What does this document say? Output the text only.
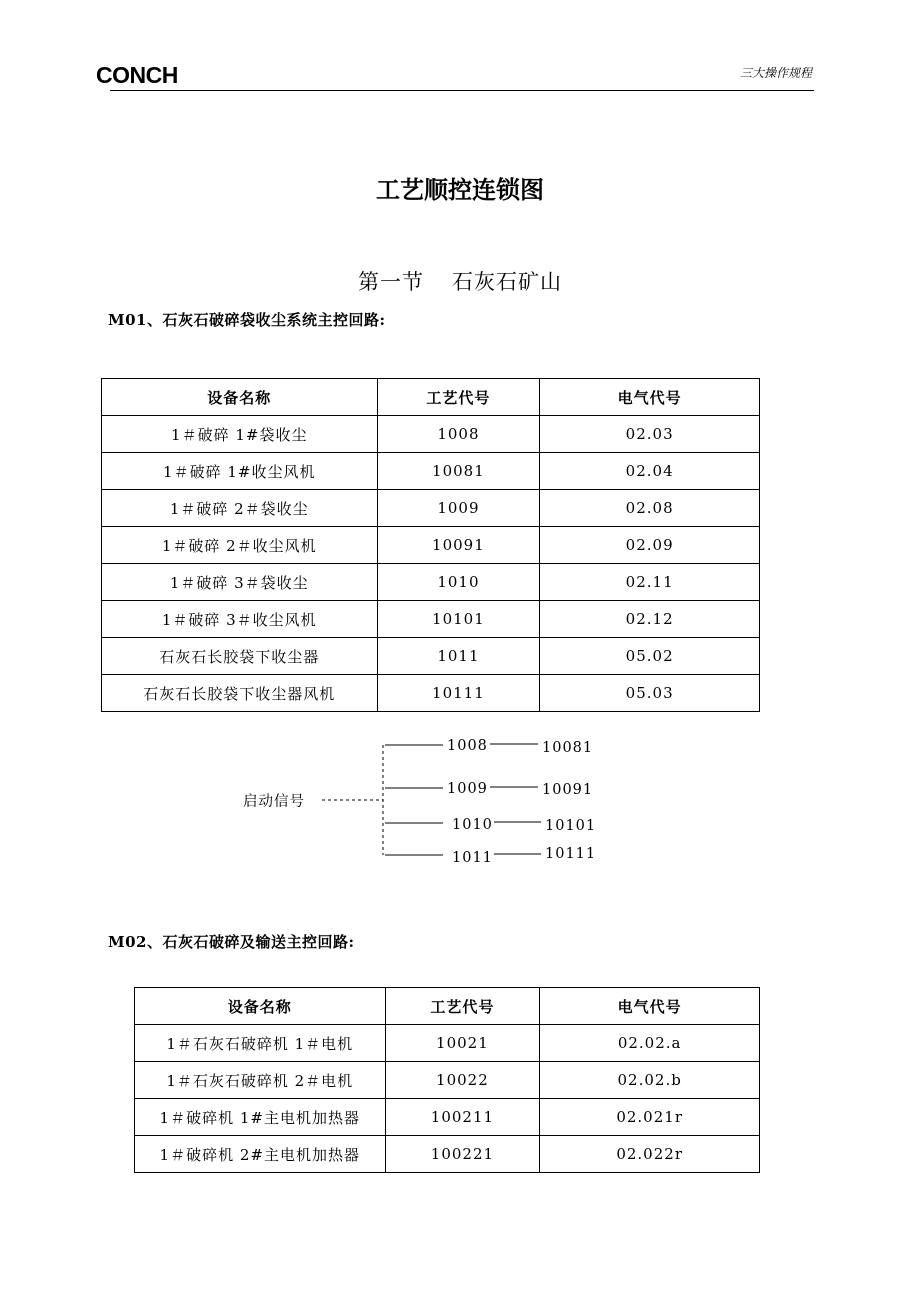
CONCH	三大操作规程
工艺顺控连锁图
第一节 石灰石矿山
M01、石灰石破碎袋收尘系统主控回路:
设备名称	工艺代号	电气代号
1＃破碎 1#袋收尘	1008	02.03
1＃破碎 1#收尘风机	10081	02.04
1＃破碎 2＃袋收尘	1009	02.08
1＃破碎 2＃收尘风机	10091	02.09
1＃破碎 3＃袋收尘	1010	02.11
1＃破碎 3＃收尘风机	10101	02.12
石灰石长胶袋下收尘器	1011	05.02
石灰石长胶袋下收尘器风机	10111	05.03
启动信号
1008	10081
1009	10091
1010	10101
1011	10111
M02、石灰石破碎及输送主控回路:
设备名称	工艺代号	电气代号
1＃石灰石破碎机 1＃电机	10021	02.02.a
1＃石灰石破碎机 2＃电机	10022	02.02.b
1＃破碎机 1#主电机加热器	100211	02.021r
1＃破碎机 2#主电机加热器	100221	02.022r
